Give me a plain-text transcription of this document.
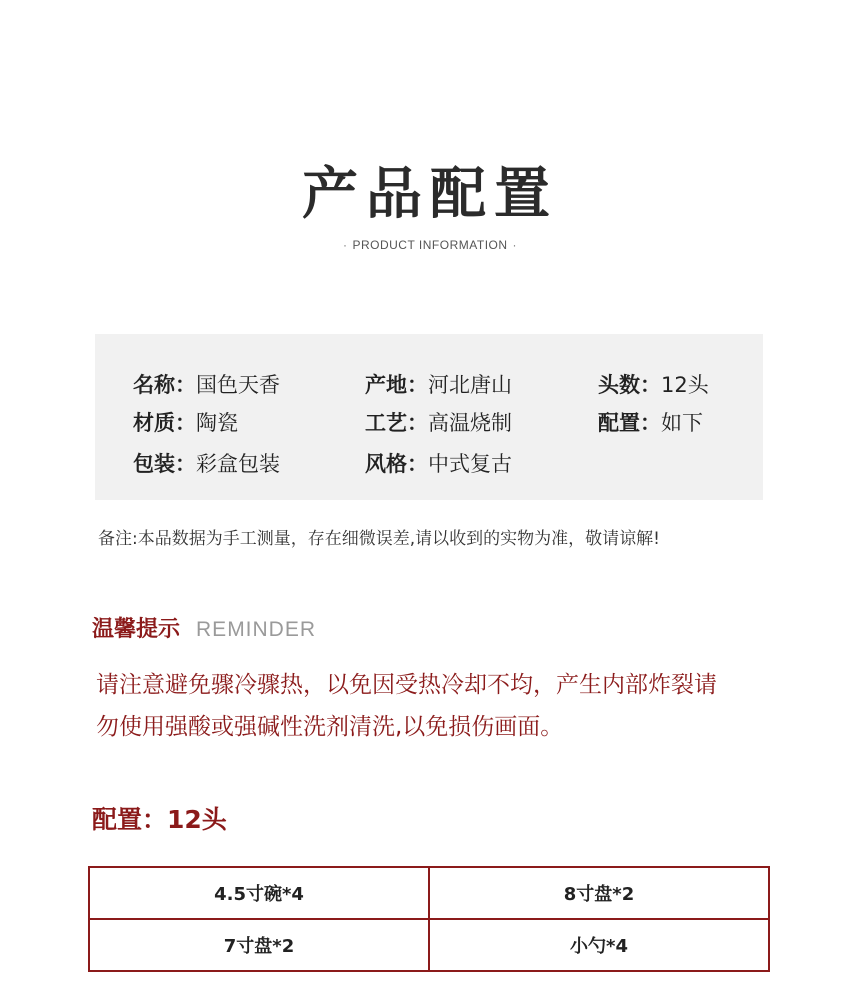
产品配置
· PRODUCT INFORMATION ·
名称：国色天香	产地：河北唐山	头数：12头
材质：陶瓷	工艺：高温烧制	配置：如下
包装：彩盒包装	风格：中式复古
备注:本品数据为手工测量，存在细微误差,请以收到的实物为准，敬请谅解!
温馨提示 REMINDER
请注意避免骤冷骤热，以免因受热冷却不均，产生内部炸裂请
勿使用强酸或强碱性洗剂清洗,以免损伤画面。
配置：12头
4.5寸碗*4	8寸盘*2
7寸盘*2	小勺*4
